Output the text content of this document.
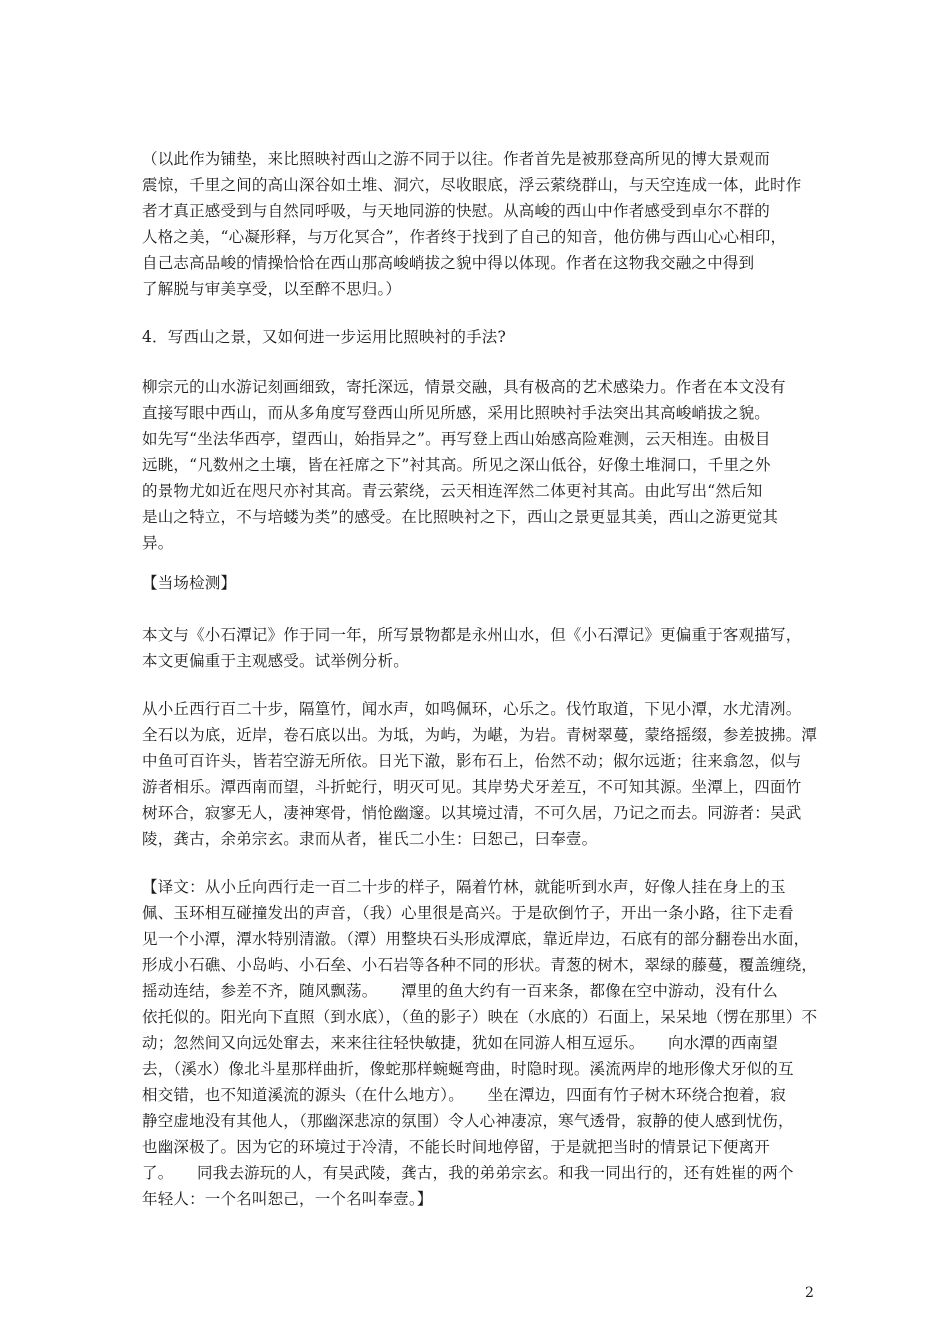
（以此作为铺垫，来比照映衬西山之游不同于以往。作者首先是被那登高所见的博大景观而
震惊，千里之间的高山深谷如土堆、洞穴，尽收眼底，浮云萦绕群山，与天空连成一体，此时作
者才真正感受到与自然同呼吸，与天地同游的快慰。从高峻的西山中作者感受到卓尔不群的
人格之美，“心凝形释，与万化冥合”，作者终于找到了自己的知音，他仿佛与西山心心相印，
自己志高品峻的情操恰恰在西山那高峻峭拔之貌中得以体现。作者在这物我交融之中得到
了解脱与审美享受，以至醉不思归。）
4．写西山之景，又如何进一步运用比照映衬的手法?
柳宗元的山水游记刻画细致，寄托深远，情景交融，具有极高的艺术感染力。作者在本文没有
直接写眼中西山，而从多角度写登西山所见所感，采用比照映衬手法突出其高峻峭拔之貌。
如先写“坐法华西亭，望西山，始指异之”。再写登上西山始感高险难测，云天相连。由极目
远眺，“凡数州之土壤，皆在衽席之下”衬其高。所见之深山低谷，好像土堆洞口，千里之外
的景物尤如近在咫尺亦衬其高。青云萦绕，云天相连浑然二体更衬其高。由此写出“然后知
是山之特立，不与培蝼为类”的感受。在比照映衬之下，西山之景更显其美，西山之游更觉其
异。
【当场检测】
本文与《小石潭记》作于同一年，所写景物都是永州山水，但《小石潭记》更偏重于客观描写，
本文更偏重于主观感受。试举例分析。
从小丘西行百二十步，隔篁竹，闻水声，如鸣佩环，心乐之。伐竹取道，下见小潭，水尤清冽。
全石以为底，近岸，卷石底以出。为坻，为屿，为嵁，为岩。青树翠蔓，蒙络摇缀，参差披拂。潭
中鱼可百许头，皆若空游无所依。日光下澈，影布石上，佁然不动；俶尔远逝；往来翕忽，似与
游者相乐。潭西南而望，斗折蛇行，明灭可见。其岸势犬牙差互，不可知其源。坐潭上，四面竹
树环合，寂寥无人，凄神寒骨，悄怆幽邃。以其境过清，不可久居，乃记之而去。同游者：吴武
陵，龚古，余弟宗玄。隶而从者，崔氏二小生：曰恕己，曰奉壹。
【译文：从小丘向西行走一百二十步的样子，隔着竹林，就能听到水声，好像人挂在身上的玉
佩、玉环相互碰撞发出的声音，（我）心里很是高兴。于是砍倒竹子，开出一条小路，往下走看
见一个小潭，潭水特别清澈。（潭）用整块石头形成潭底，靠近岸边，石底有的部分翻卷出水面，
形成小石礁、小岛屿、小石垒、小石岩等各种不同的形状。青葱的树木，翠绿的藤蔓，覆盖缠绕，
摇动连结，参差不齐，随风飘荡。　　潭里的鱼大约有一百来条，都像在空中游动，没有什么
依托似的。阳光向下直照（到水底），（鱼的影子）映在（水底的）石面上，呆呆地（愣在那里）不
动；忽然间又向远处窜去，来来往往轻快敏捷，犹如在同游人相互逗乐。　　向水潭的西南望
去，（溪水）像北斗星那样曲折，像蛇那样蜿蜒弯曲，时隐时现。溪流两岸的地形像犬牙似的互
相交错，也不知道溪流的源头（在什么地方）。　　坐在潭边，四面有竹子树木环绕合抱着，寂
静空虚地没有其他人，（那幽深悲凉的氛围）令人心神凄凉，寒气透骨，寂静的使人感到忧伤，
也幽深极了。因为它的环境过于冷清，不能长时间地停留，于是就把当时的情景记下便离开
了。　　同我去游玩的人，有吴武陵，龚古，我的弟弟宗玄。和我一同出行的，还有姓崔的两个
年轻人：一个名叫恕己，一个名叫奉壹。】
2
